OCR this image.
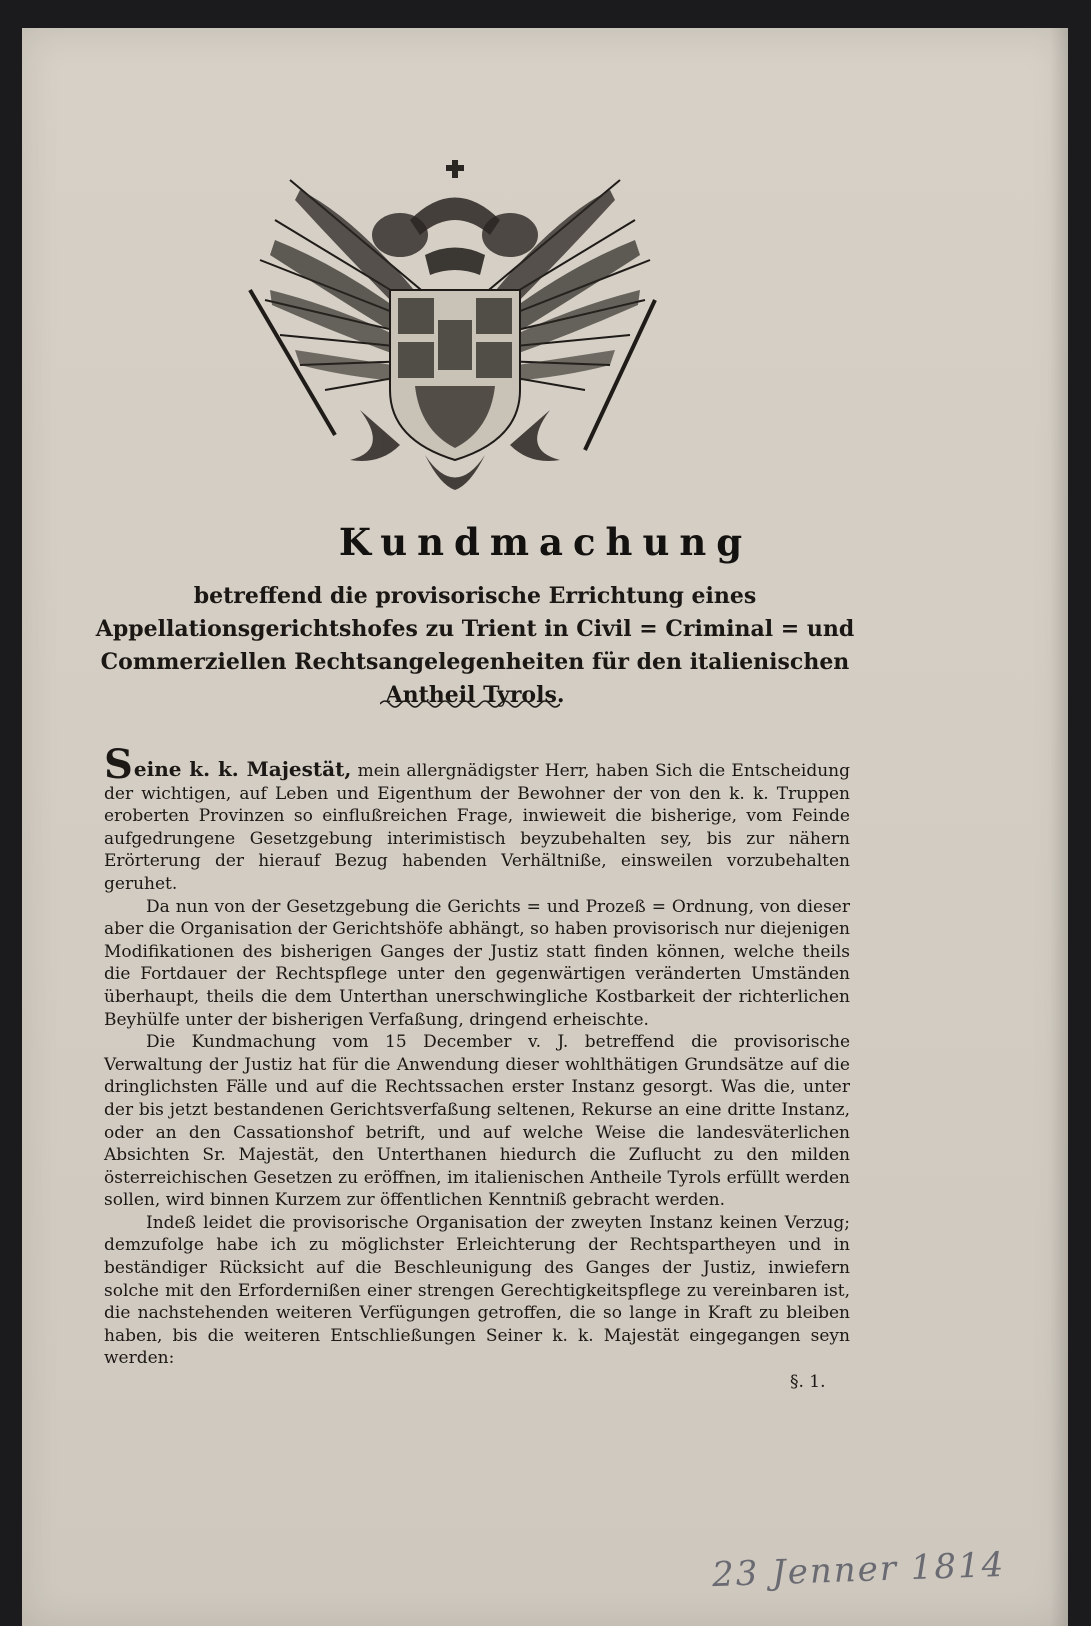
Kundmachung
betreffend die provisorische Errichtung eines Appellationsgerichtshofes zu Trient in Civil = Criminal = und Commerziellen Rechtsangelegenheiten für den italienischen Antheil Tyrols.

Seine k. k. Majestät, mein allergnädigster Herr, haben Sich die Entscheidung der wichtigen, auf Leben und Eigenthum der Bewohner der von den k. k. Truppen eroberten Provinzen so einflußreichen Frage, inwieweit die bisherige, vom Feinde aufgedrungene Gesetzgebung interimistisch beyzubehalten sey, bis zur nähern Erörterung der hierauf Bezug habenden Verhältniße, einsweilen vorzubehalten geruhet.

Da nun von der Gesetzgebung die Gerichts = und Prozeß = Ordnung, von dieser aber die Organisation der Gerichtshöfe abhängt, so haben provisorisch nur diejenigen Modifikationen des bisherigen Ganges der Justiz statt finden können, welche theils die Fortdauer der Rechtspflege unter den gegenwärtigen veränderten Umständen überhaupt, theils die dem Unterthan unerschwingliche Kostbarkeit der richterlichen Beyhülfe unter der bisherigen Verfaßung, dringend erheischte.

Die Kundmachung vom 15 December v. J. betreffend die provisorische Verwaltung der Justiz hat für die Anwendung dieser wohlthätigen Grundsätze auf die dringlichsten Fälle und auf die Rechtssachen erster Instanz gesorgt. Was die, unter der bis jetzt bestandenen Gerichtsverfaßung seltenen, Rekurse an eine dritte Instanz, oder an den Cassationshof betrift, und auf welche Weise die landesväterlichen Absichten Sr. Majestät, den Unterthanen hiedurch die Zuflucht zu den milden österreichischen Gesetzen zu eröffnen, im italienischen Antheile Tyrols erfüllt werden sollen, wird binnen Kurzem zur öffentlichen Kenntniß gebracht werden.

Indeß leidet die provisorische Organisation der zweyten Instanz keinen Verzug; demzufolge habe ich zu möglichster Erleichterung der Rechtspartheyen und in beständiger Rücksicht auf die Beschleunigung des Ganges der Justiz, inwiefern solche mit den Erfordernißen einer strengen Gerechtigkeitspflege zu vereinbaren ist, die nachstehenden weiteren Verfügungen getroffen, die so lange in Kraft zu bleiben haben, bis die weiteren Entschließungen Seiner k. k. Majestät eingegangen seyn werden:

§. 1.
23 Jenner 1814
